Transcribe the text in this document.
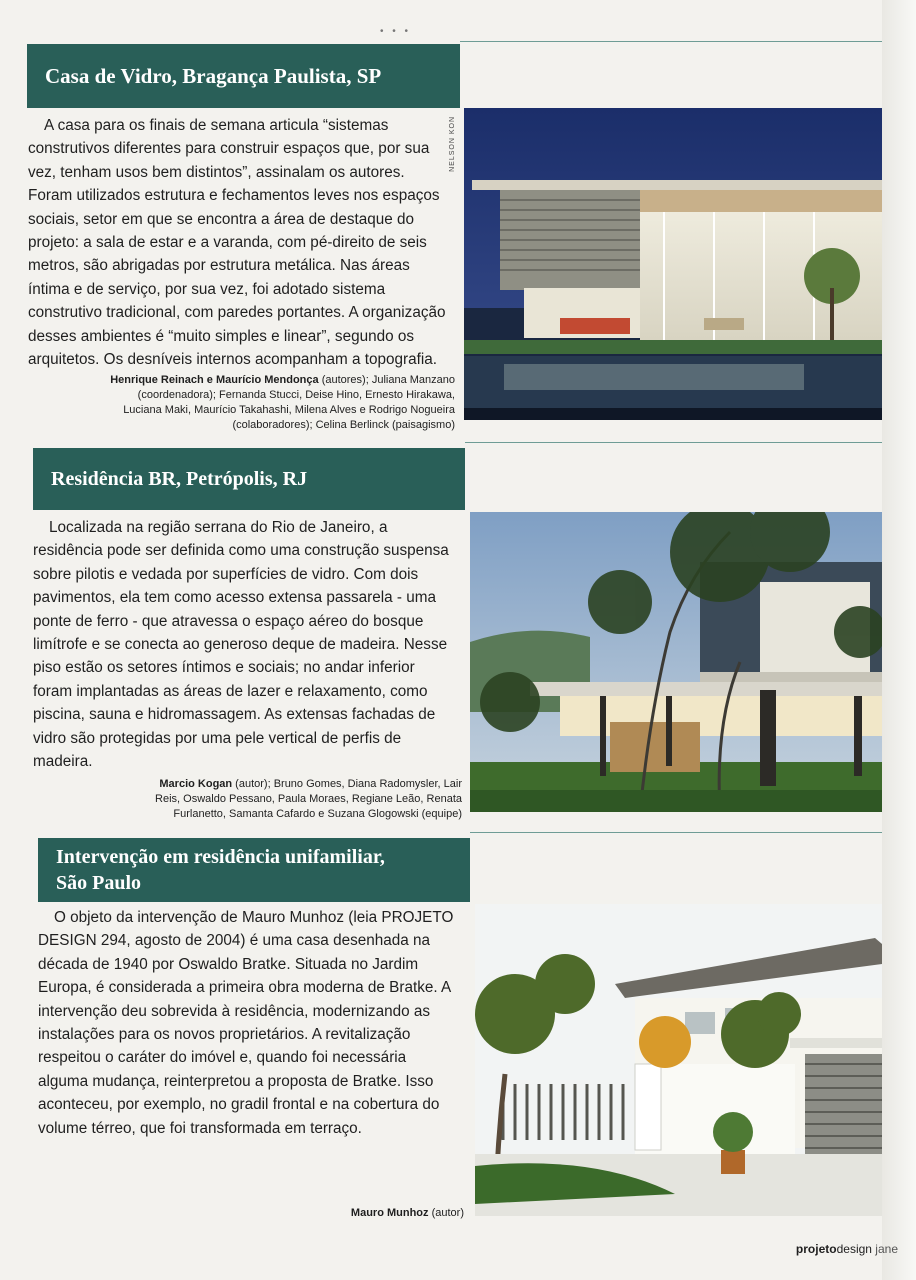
• • •
Casa de Vidro, Bragança Paulista, SP

A casa para os finais de semana articula “sistemas construtivos diferentes para construir espaços que, por sua vez, tenham usos bem distintos”, assinalam os autores. Foram utilizados estrutura e fechamentos leves nos espaços sociais, setor em que se encontra a área de destaque do projeto: a sala de estar e a varanda, com pé-direito de seis metros, são abrigadas por estrutura metálica. Nas áreas íntima e de serviço, por sua vez, foi adotado sistema construtivo tradicional, com paredes portantes. A organização desses ambientes é “muito simples e linear”, segundo os arquitetos. Os desníveis internos acompanham a topografia.

Henrique Reinach e Maurício Mendonça (autores); Juliana Manzano (coordenadora); Fernanda Stucci, Deise Hino, Ernesto Hirakawa, Luciana Maki, Maurício Takahashi, Milena Alves e Rodrigo Nogueira (colaboradores); Celina Berlinck (paisagismo)

NELSON KON
Residência BR, Petrópolis, RJ

Localizada na região serrana do Rio de Janeiro, a residência pode ser definida como uma construção suspensa sobre pilotis e vedada por superfícies de vidro. Com dois pavimentos, ela tem como acesso extensa passarela - uma ponte de ferro - que atravessa o espaço aéreo do bosque limítrofe e se conecta ao generoso deque de madeira. Nesse piso estão os setores íntimos e sociais; no andar inferior foram implantadas as áreas de lazer e relaxamento, como piscina, sauna e hidromassagem. As extensas fachadas de vidro são protegidas por uma pele vertical de perfis de madeira.

Marcio Kogan (autor); Bruno Gomes, Diana Radomysler, Lair Reis, Oswaldo Pessano, Paula Moraes, Regiane Leão, Renata Furlanetto, Samanta Cafardo e Suzana Glogowski (equipe)

Intervenção em residência unifamiliar,
São Paulo

O objeto da intervenção de Mauro Munhoz (leia PROJETO DESIGN 294, agosto de 2004) é uma casa desenhada na década de 1940 por Oswaldo Bratke. Situada no Jardim Europa, é considerada a primeira obra moderna de Bratke. A intervenção deu sobrevida à residência, modernizando as instalações para os novos proprietários. A revitalização respeitou o caráter do imóvel e, quando foi necessária alguma mudança, reinterpretou a proposta de Bratke. Isso aconteceu, por exemplo, no gradil frontal e na cobertura do volume térreo, que foi transformada em terraço.

Mauro Munhoz (autor)

projetodesign jane
